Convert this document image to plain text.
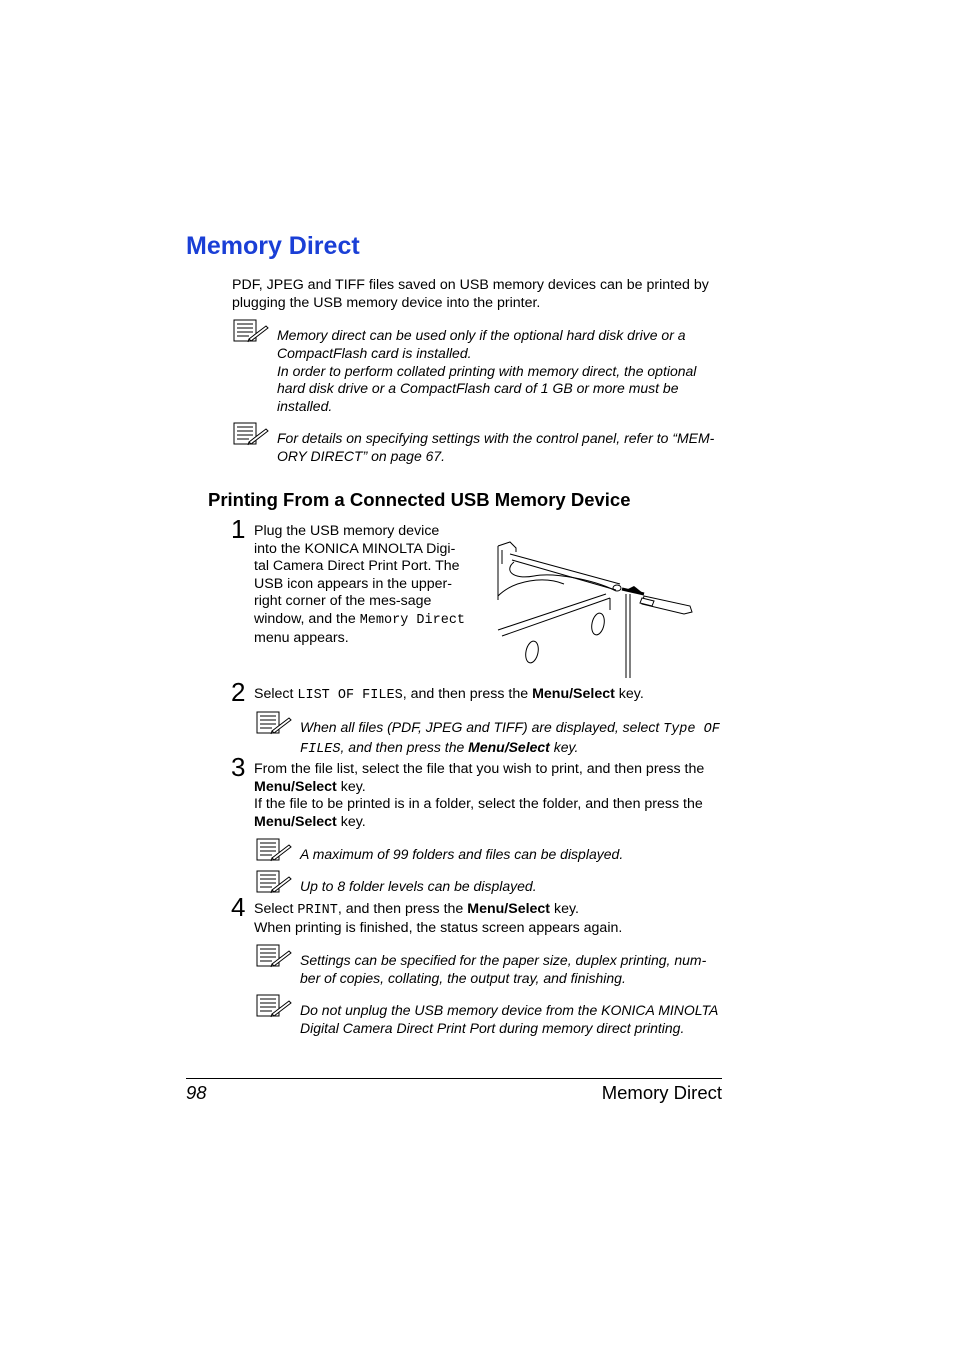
Memory Direct
PDF, JPEG and TIFF files saved on USB memory devices can be printed by plugging the USB memory device into the printer.
Memory direct can be used only if the optional hard disk drive or a CompactFlash card is installed.
In order to perform collated printing with memory direct, the optional hard disk drive or a CompactFlash card of 1 GB or more must be installed.
For details on specifying settings with the control panel, refer to “MEM-ORY DIRECT” on page 67.
Printing From a Connected USB Memory Device
1 Plug the USB memory device into the KONICA MINOLTA Digi-tal Camera Direct Print Port. The USB icon appears in the upper-right corner of the mes-sage window, and the Memory Direct menu appears.
2 Select LIST OF FILES, and then press the Menu/Select key.
When all files (PDF, JPEG and TIFF) are displayed, select Type OF FILES, and then press the Menu/Select key.
3 From the file list, select the file that you wish to print, and then press the Menu/Select key.
If the file to be printed is in a folder, select the folder, and then press the Menu/Select key.
A maximum of 99 folders and files can be displayed.
Up to 8 folder levels can be displayed.
4 Select PRINT, and then press the Menu/Select key.
When printing is finished, the status screen appears again.
Settings can be specified for the paper size, duplex printing, num-ber of copies, collating, the output tray, and finishing.
Do not unplug the USB memory device from the KONICA MINOLTA Digital Camera Direct Print Port during memory direct printing.
98	Memory Direct
